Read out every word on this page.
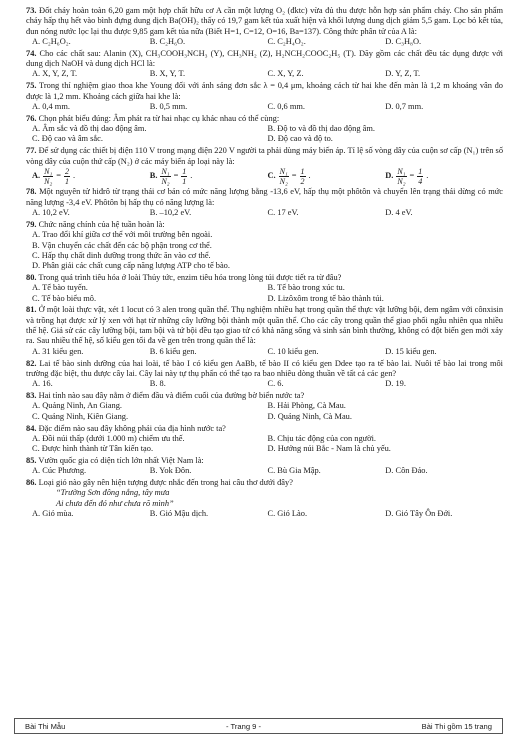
73. Đốt cháy hoàn toàn 6,20 gam một hợp chất hữu cơ A cần một lượng O₂ (đktc) vừa đủ thu được hỗn hợp sản phẩm cháy. Cho sản phẩm cháy hấp thụ hết vào bình đựng dung dịch Ba(OH)₂ thấy có 19,7 gam kết tủa xuất hiện và khối lượng dung dịch giảm 5,5 gam. Lọc bỏ kết tủa, đun nóng nước lọc lại thu được 9,85 gam kết tủa nữa (Biết H=1, C=12, O=16, Ba=137). Công thức phân tử của A là:
A. C₂H₆O₂.	B. C₂H₆O.	C. C₂H₄O₂.	D. C₃H₈O.
74. Cho các chất sau: Alanin (X), CH₃COOH₃NCH₃ (Y), CH₃NH₂ (Z), H₂NCH₂COOC₂H₅ (T). Dãy gồm các chất đều tác dụng được với dung dịch NaOH và dung dịch HCl là:
A. X, Y, Z, T.	B. X, Y, T.	C. X, Y, Z.	D. Y, Z, T.
75. Trong thí nghiệm giao thoa khe Young đối với ánh sáng đơn sắc λ = 0,4 μm, khoảng cách từ hai khe đến màn là 1,2 m khoảng vân đo được là 1,2 mm. Khoảng cách giữa hai khe là:
A. 0,4 mm.	B. 0,5 mm.	C. 0,6 mm.	D. 0,7 mm.
76. Chọn phát biểu đúng: Âm phát ra từ hai nhạc cụ khác nhau có thể cùng:
A. Âm sắc và đồ thị dao động âm.	B. Độ to và đồ thị dao động âm.
C. Độ cao và âm sắc.	D. Độ cao và độ to.
77. Để sử dụng các thiết bị điện 110 V trong mạng điện 220 V người ta phải dùng máy biến áp. Tỉ lệ số vòng dây của cuộn sơ cấp (N₁) trên số vòng dây của cuộn thứ cấp (N₂) ở các máy biến áp loại này là:
A. $\frac{\text{N₁}}{\text{N₂}} = \frac{2}{1}$ .	B. $\frac{\text{N₁}}{\text{N₂}} = \frac{1}{1}$ .	C. $\frac{\text{N₁}}{\text{N₂}} = \frac{1}{2}$ .	D. $\frac{\text{N₁}}{\text{N₂}} = \frac{1}{4}$ .
78. Một nguyên tử hiđrô từ trạng thái cơ bản có mức năng lượng bằng -13,6 eV, hấp thụ một phôtôn và chuyển lên trạng thái dừng có mức năng lượng -3,4 eV. Phôtôn bị hấp thụ có năng lượng là:
A. 10,2 eV.	B. –10,2 eV.	C. 17 eV.	D. 4 eV.
79. Chức năng chính của hệ tuần hoàn là:
A. Trao đổi khí giữa cơ thể với môi trường bên ngoài.
B. Vận chuyển các chất đến các bộ phận trong cơ thể.
C. Hấp thụ chất dinh dưỡng trong thức ăn vào cơ thể.
D. Phân giải các chất cung cấp năng lượng ATP cho tế bào.
80. Trong quá trình tiêu hóa ở loài Thủy tức, enzim tiêu hóa trong lòng túi được tiết ra từ đâu?
A. Tế bào tuyến.	B. Tế bào trong xúc tu.
C. Tế bào biểu mô.	D. Lizôxôm trong tế bào thành túi.
81. Ở một loài thực vật, xét 1 locut có 3 alen trong quần thể. Thụ nghiệm nhiều hạt trong quần thể thực vật lưỡng bội, đem ngâm với cônxisin và trồng hạt được xử lý xen với hạt từ những cây lưỡng bội thành một quần thể. Cho các cây trong quần thể giao phối ngẫu nhiên qua nhiều thế hệ. Giả sử các cây lưỡng bội, tam bội và tứ bội đều tạo giao tử có khả năng sống và sinh sản bình thường, không có đột biến gen mới xảy ra. Sau nhiều thế hệ, số kiểu gen tối đa về gen trên trong quần thể là:
A. 31 kiểu gen.	B. 6 kiểu gen.	C. 10 kiểu gen.	D. 15 kiểu gen.
82. Lai tế bào sinh dưỡng của hai loài, tế bào I có kiểu gen AaBb, tế bào II có kiểu gen Ddee tạo ra tế bào lai. Nuôi tế bào lai trong môi trường đặc biệt, thu được cây lai. Cây lai này tự thụ phấn có thể tạo ra bao nhiêu dòng thuần về tất cả các gen?
A. 16.	B. 8.	C. 6.	D. 19.
83. Hai tỉnh nào sau đây nằm ở điểm đầu và điểm cuối của đường bờ biển nước ta?
A. Quảng Ninh, An Giang.	B. Hải Phòng, Cà Mau.
C. Quảng Ninh, Kiên Giang.	D. Quảng Ninh, Cà Mau.
84. Đặc điểm nào sau đây không phải của địa hình nước ta?
A. Đồi núi thấp (dưới 1.000 m) chiếm ưu thế.	B. Chịu tác động của con người.
C. Được hình thành từ Tân kiến tạo.	D. Hướng núi Bắc - Nam là chủ yếu.
85. Vườn quốc gia có diện tích lớn nhất Việt Nam là:
A. Cúc Phương.	B. Yok Đôn.	C. Bù Gia Mập.	D. Côn Đảo.
86. Loại gió nào gây nên hiện tượng được nhắc đến trong hai câu thơ dưới đây?
“Trường Sơn đông nắng, tây mưa
Ai chưa đến đó như chưa rõ mình”
A. Gió mùa.	B. Gió Mậu dịch.	C. Gió Lào.	D. Gió Tây Ôn Đới.
Bài Thi Mẫu	- Trang 9 -	Bài Thi gồm 15 trang
